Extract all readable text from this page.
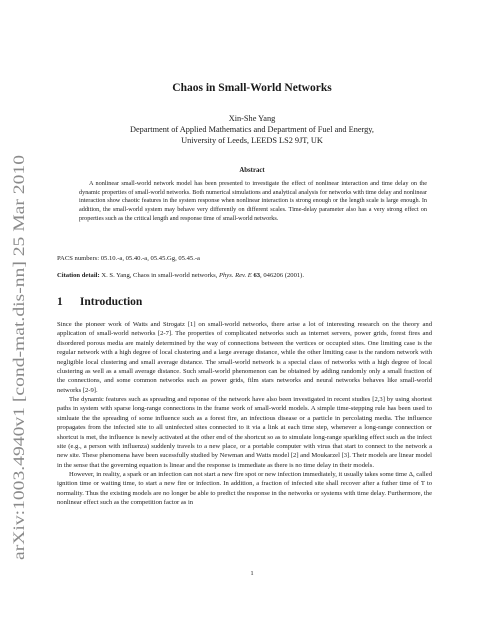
arXiv:1003.4940v1 [cond-mat.dis-nn] 25 Mar 2010
Chaos in Small-World Networks
Xin-She Yang
Department of Applied Mathematics and Department of Fuel and Energy,
University of Leeds, LEEDS LS2 9JT, UK
Abstract
A nonlinear small-world network model has been presented to investigate the effect of nonlinear interaction and time delay on the dynamic properties of small-world networks. Both numerical simulations and analytical analysis for networks with time delay and nonlinear interaction show chaotic features in the system response when nonlinear interaction is strong enough or the length scale is large enough. In addition, the small-world system may behave very differently on different scales. Time-delay parameter also has a very strong effect on properties such as the critical length and response time of small-world networks.
PACS numbers: 05.10.-a, 05.40.-a, 05.45.Gg, 05.45.-a
Citation detail: X. S. Yang, Chaos in small-world networks, Phys. Rev. E 63, 046206 (2001).
1 Introduction

Since the pioneer work of Watts and Strogatz [1] on small-world networks, there arise a lot of interesting research on the theory and application of small-world networks [2-7]. The properties of complicated networks such as internet servers, power grids, forest fires and disordered porous media are mainly determined by the way of connections between the vertices or occupied sites. One limiting case is the regular network with a high degree of local clustering and a large average distance, while the other limiting case is the random network with negligible local clustering and small average distance. The small-world network is a special class of networks with a high degree of local clustering as well as a small average distance. Such small-world phenomenon can be obtained by adding randomly only a small fraction of the connections, and some common networks such as power grids, film stars networks and neural networks behaves like small-world networks [2-9].

The dynamic features such as spreading and reponse of the network have also been investigated in recent studies [2,3] by using shortest paths in system with sparse long-range connections in the frame work of small-world models. A simple time-stepping rule has been used to simluate the the spreading of some influence such as a forest fire, an infectious disease or a particle in percolating media. The influence propagates from the infected site to all uninfected sites connected to it via a link at each time step, whenever a long-range connection or shortcut is met, the influence is newly activated at the other end of the shortcut so as to simulate long-range sparkling effect such as the infect site (e.g., a person with influenza) suddenly travels to a new place, or a portable computer with virus that start to connect to the network a new site. These phenomena have been sucessfully studied by Newman and Watts model [2] and Moukarzel [3]. Their models are linear model in the sense that the governing equation is linear and the response is immediate as there is no time delay in their models.

However, in reality, a spark or an infection can not start a new fire spot or new infection immediately, it usually takes some time Δ, called ignition time or waiting time, to start a new fire or infection. In addition, a fraction of infected site shall recover after a futher time of T to normality. Thus the existing models are no longer be able to predict the response in the networks or systems with time delay. Furthermore, the nonlinear effect such as the competition factor as in

1
